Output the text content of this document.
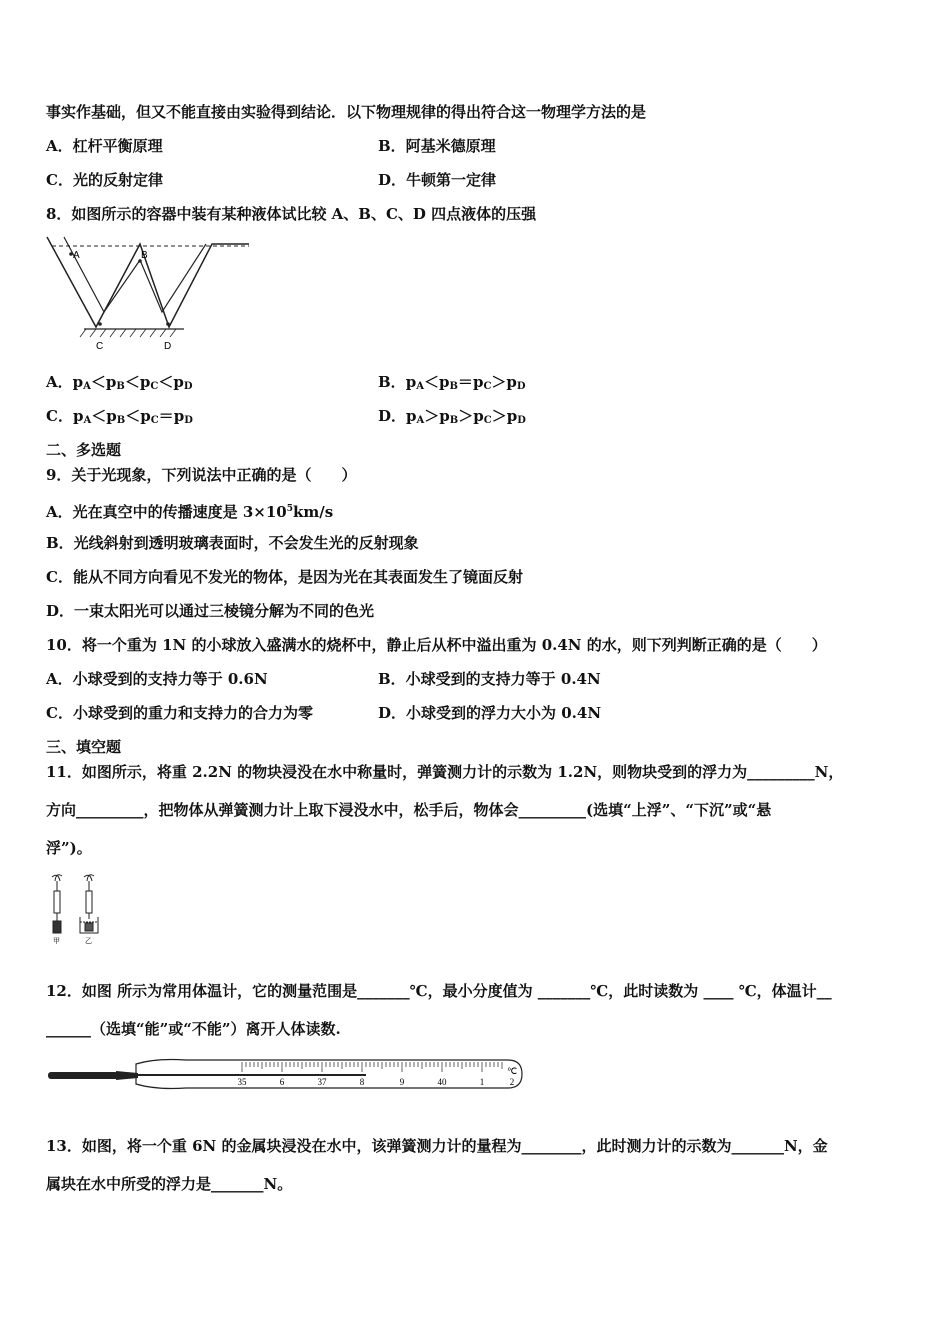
事实作基础，但又不能直接由实验得到结论．以下物理规律的得出符合这一物理学方法的是
A．杠杆平衡原理	B．阿基米德原理
C．光的反射定律	D．牛顿第一定律
8．如图所示的容器中装有某种液体试比较 A、B、C、D 四点液体的压强
A	B
C	D
A．$p_A<p_B<p_C<p_D$	B．$p_A<p_B=p_C>p_D$
C．$p_A<p_B<p_C=p_D$	D．$p_A>p_B>p_C>p_D$
二、多选题
9．关于光现象，下列说法中正确的是（　　）
A．光在真空中的传播速度是 $3\times 10^5km/s$
B．光线斜射到透明玻璃表面时，不会发生光的反射现象
C．能从不同方向看见不发光的物体，是因为光在其表面发生了镜面反射
D．一束太阳光可以通过三棱镜分解为不同的色光
10．将一个重为 1N 的小球放入盛满水的烧杯中，静止后从杯中溢出重为 0.4N 的水，则下列判断正确的是（　　）
A．小球受到的支持力等于 0.6N	B．小球受到的支持力等于 0.4N
C．小球受到的重力和支持力的合力为零	D．小球受到的浮力大小为 0.4N
三、填空题
11．如图所示，将重 2.2N 的物块浸没在水中称量时，弹簧测力计的示数为 1.2N，则物块受到的浮力为_________N，
方向_________，把物体从弹簧测力计上取下浸没水中，松手后，物体会_________(选填“上浮”、“下沉”或“悬
浮”)。
甲	乙
12．如图 所示为常用体温计，它的测量范围是_______℃，最小分度值为 _______℃，此时读数为 ____ ℃，体温计__
______（选填“能”或“不能”）离开人体读数.
35	6	37	8	9	40	1	2
℃
13．如图，将一个重 6N 的金属块浸没在水中，该弹簧测力计的量程为________，此时测力计的示数为_______N，金
属块在水中所受的浮力是_______N。
